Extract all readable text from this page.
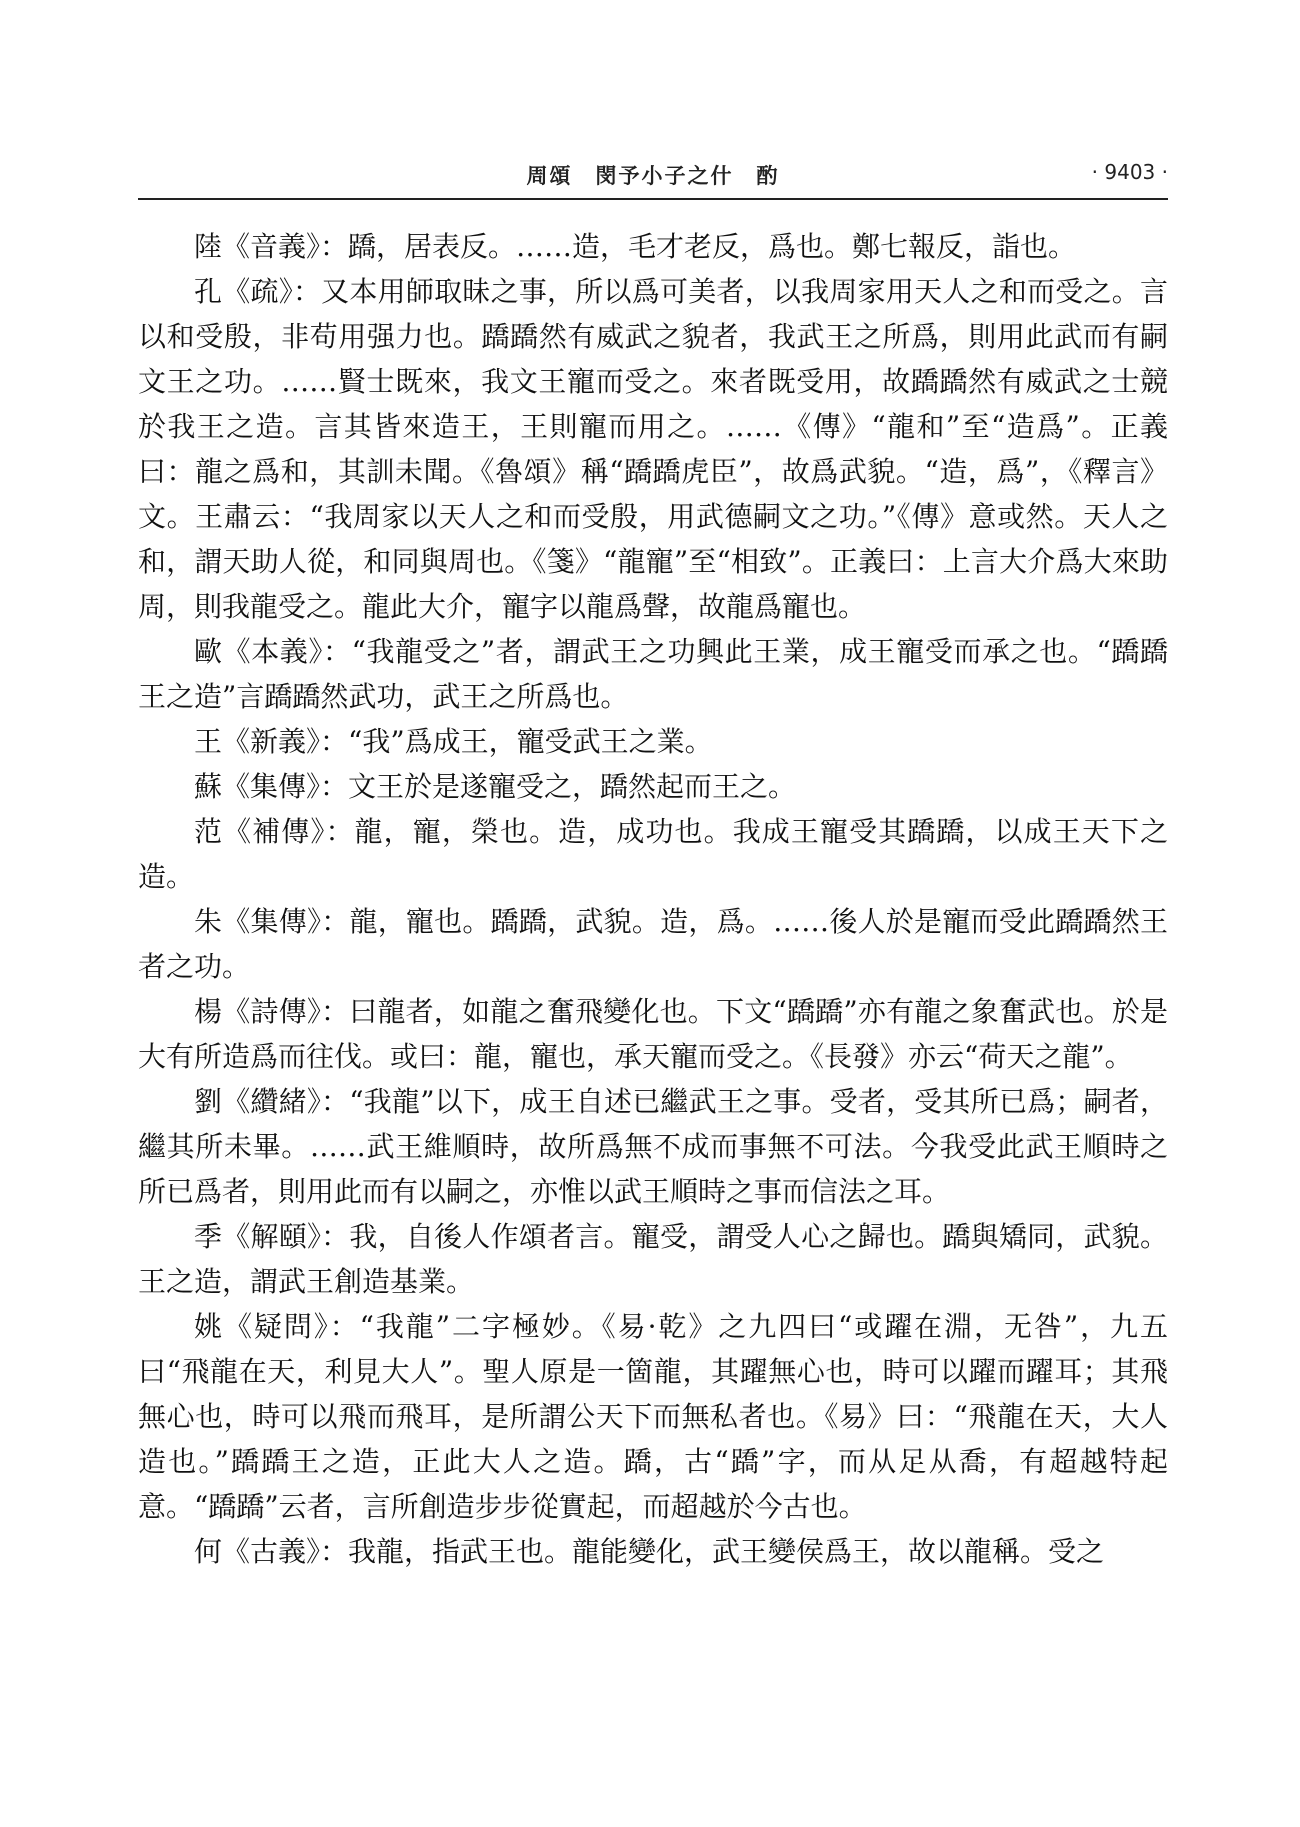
周頌　閔予小子之什　酌	· 9403 ·

陸《音義》：蹻，居表反。……造，毛才老反，爲也。鄭七報反，詣也。

孔《疏》：又本用師取昧之事，所以爲可美者，以我周家用天人之和而受之。言以和受殷，非苟用强力也。蹻蹻然有威武之貌者，我武王之所爲，則用此武而有嗣文王之功。……賢士既來，我文王寵而受之。來者既受用，故蹻蹻然有威武之士競於我王之造。言其皆來造王，王則寵而用之。……《傳》“龍和”至“造爲”。正義曰：龍之爲和，其訓未聞。《魯頌》稱“蹻蹻虎臣”，故爲武貌。“造，爲”，《釋言》文。王肅云：“我周家以天人之和而受殷，用武德嗣文之功。”《傳》意或然。天人之和，謂天助人從，和同與周也。《箋》“龍寵”至“相致”。正義曰：上言大介爲大來助周，則我龍受之。龍此大介，寵字以龍爲聲，故龍爲寵也。

歐《本義》：“我龍受之”者，謂武王之功興此王業，成王寵受而承之也。“蹻蹻王之造”言蹻蹻然武功，武王之所爲也。

王《新義》：“我”爲成王，寵受武王之業。

蘇《集傳》：文王於是遂寵受之，蹻然起而王之。

范《補傳》：龍，寵，榮也。造，成功也。我成王寵受其蹻蹻，以成王天下之造。

朱《集傳》：龍，寵也。蹻蹻，武貌。造，爲。……後人於是寵而受此蹻蹻然王者之功。

楊《詩傳》：曰龍者，如龍之奮飛變化也。下文“蹻蹻”亦有龍之象奮武也。於是大有所造爲而往伐。或曰：龍，寵也，承天寵而受之。《長發》亦云“荷天之龍”。

劉《纘緒》：“我龍”以下，成王自述已繼武王之事。受者，受其所已爲；嗣者，繼其所未畢。……武王維順時，故所爲無不成而事無不可法。今我受此武王順時之所已爲者，則用此而有以嗣之，亦惟以武王順時之事而信法之耳。

季《解頤》：我，自後人作頌者言。寵受，謂受人心之歸也。蹻與矯同，武貌。王之造，謂武王創造基業。

姚《疑問》：“我龍”二字極妙。《易·乾》之九四曰“或躍在淵，无咎”，九五曰“飛龍在天，利見大人”。聖人原是一箇龍，其躍無心也，時可以躍而躍耳；其飛無心也，時可以飛而飛耳，是所謂公天下而無私者也。《易》曰：“飛龍在天，大人造也。”蹻蹻王之造，正此大人之造。蹻，古“蹻”字，而从足从喬，有超越特起意。“蹻蹻”云者，言所創造步步從實起，而超越於今古也。

何《古義》：我龍，指武王也。龍能變化，武王變侯爲王，故以龍稱。受之
